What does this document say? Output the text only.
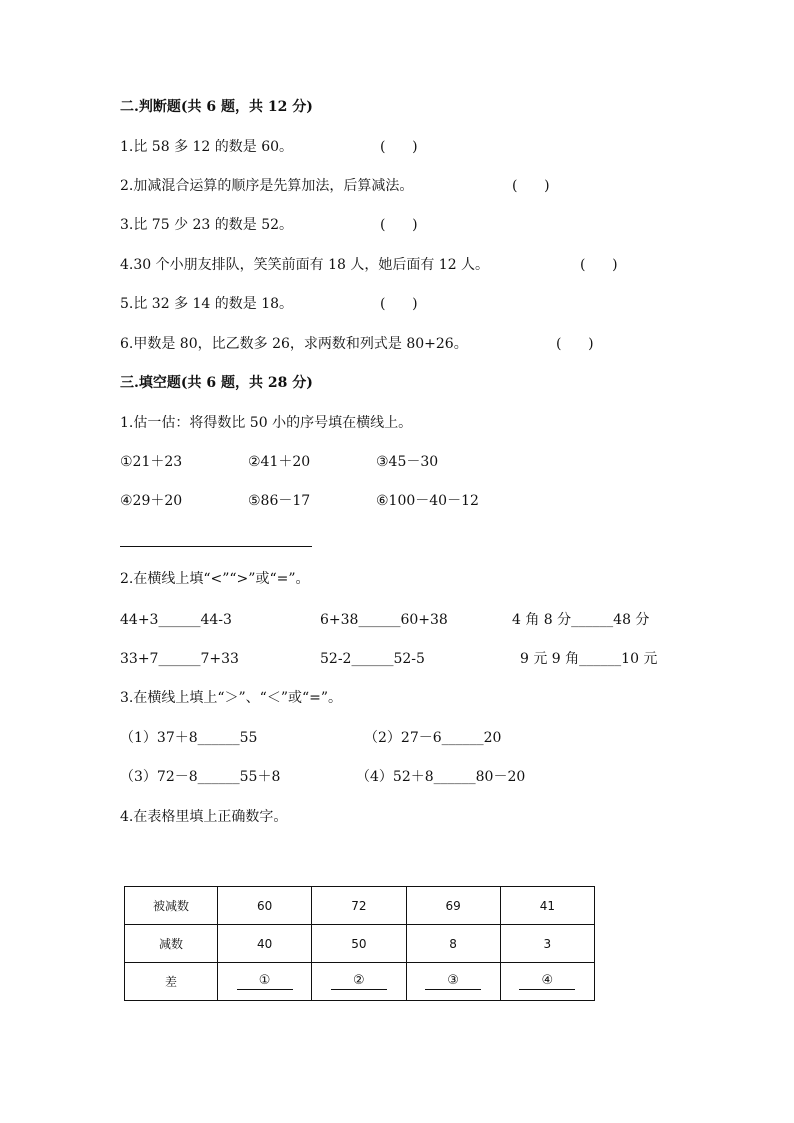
二.判断题(共 6 题，共 12 分)
1.比 58 多 12 的数是 60。	(      )
2.加减混合运算的顺序是先算加法，后算减法。	(      )
3.比 75 少 23 的数是 52。	(      )
4.30 个小朋友排队，笑笑前面有 18 人，她后面有 12 人。	(      )
5.比 32 多 14 的数是 18。	(      )
6.甲数是 80，比乙数多 26，求两数和列式是 80+26。	(      )
三.填空题(共 6 题，共 28 分)
1.估一估：将得数比 50 小的序号填在横线上。
①21＋23	②41＋20	③45－30
④29＋20	⑤86－17	⑥100－40－12
2.在横线上填“<”“>”或“=”。
44+3______44-3	6+38______60+38	4 角 8 分______48 分
33+7______7+33	52-2______52-5	9 元 9 角______10 元
3.在横线上填上“＞”、“＜”或“=”。
（1）37＋8______55	（2）27－6______20
（3）72－8______55＋8	（4）52＋8______80－20
4.在表格里填上正确数字。
被减数	60	72	69	41
减数	40	50	8	3
差	①	②	③	④
